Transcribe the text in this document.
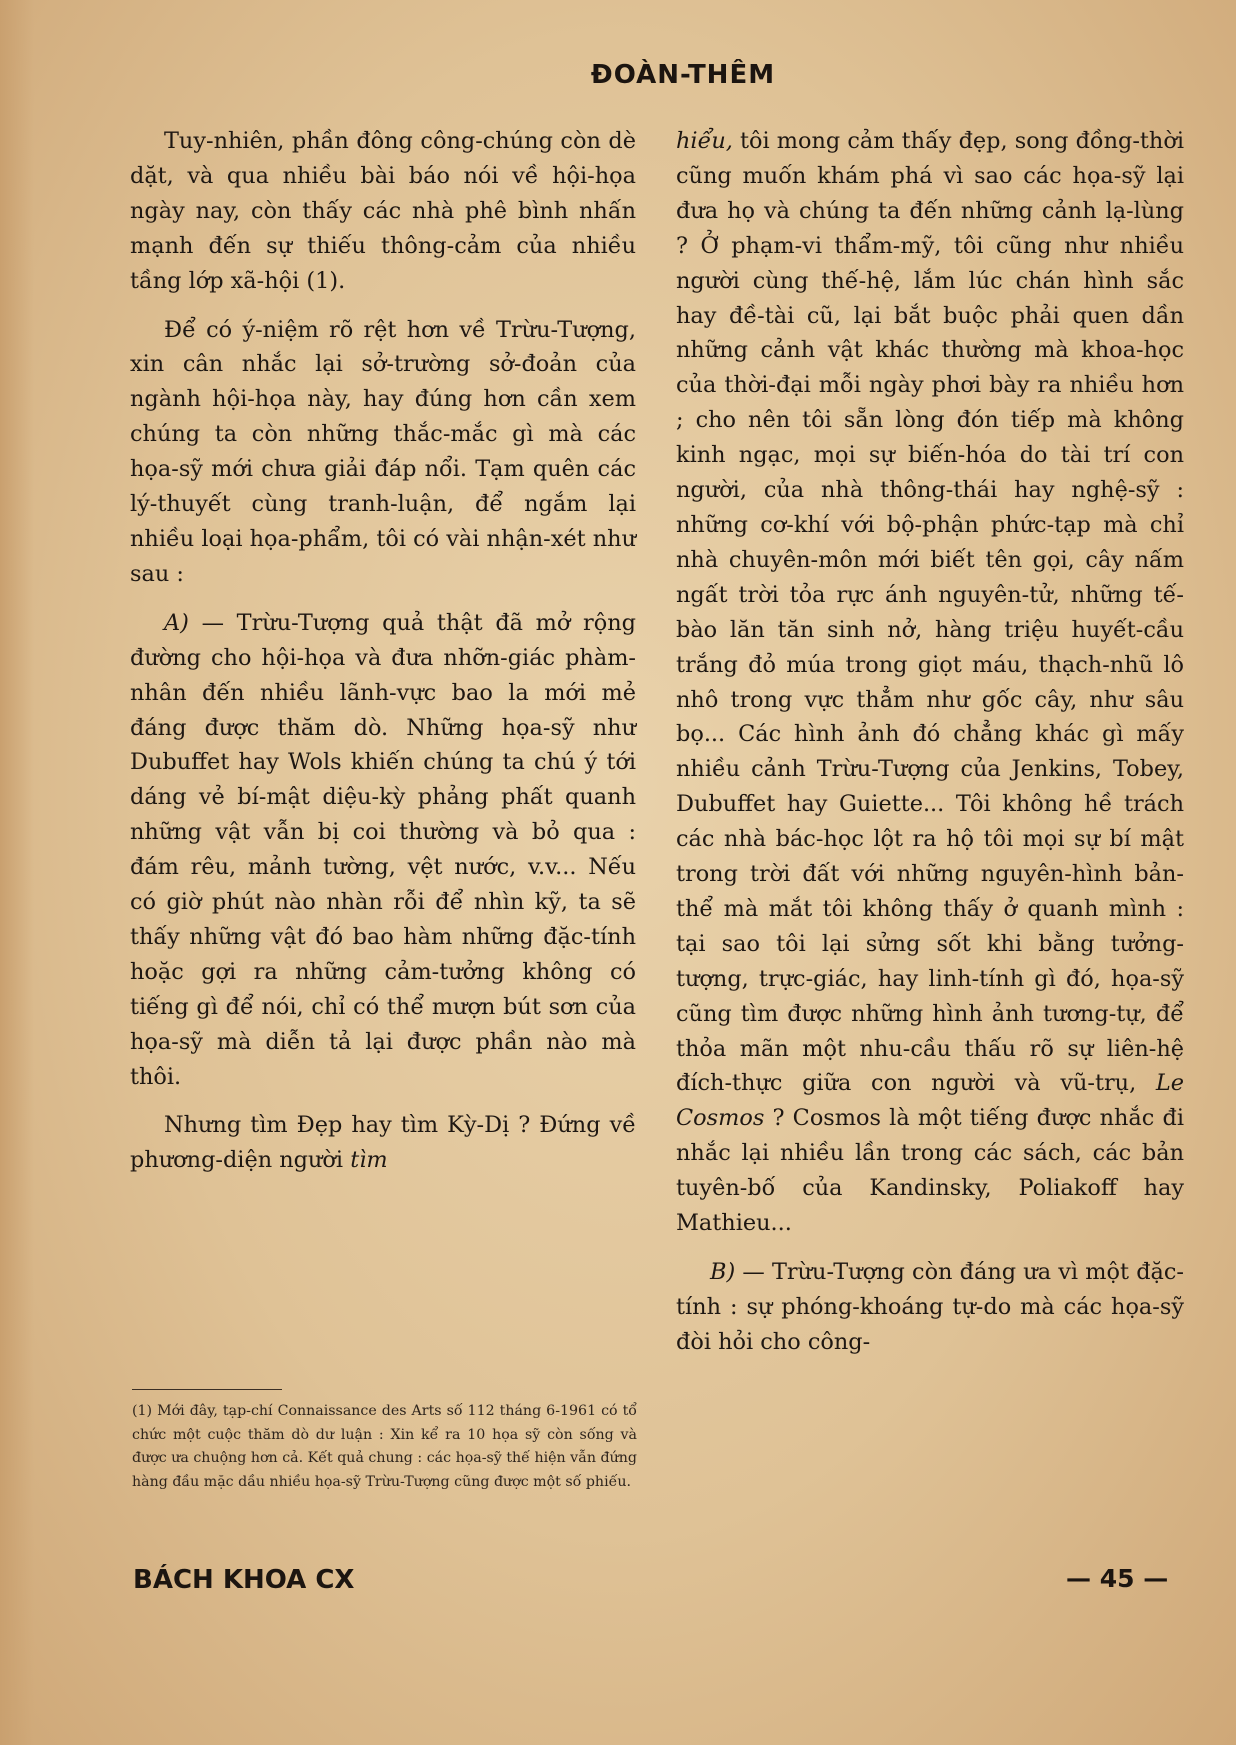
ĐOÀN-THÊM

Tuy-nhiên, phần đông công-chúng còn dè dặt, và qua nhiều bài báo nói về hội-họa ngày nay, còn thấy các nhà phê bình nhấn mạnh đến sự thiếu thông-cảm của nhiều tầng lớp xã-hội (1).

Để có ý-niệm rõ rệt hơn về Trừu-Tượng, xin cân nhắc lại sở-trường sở-đoản của ngành hội-họa này, hay đúng hơn cần xem chúng ta còn những thắc-mắc gì mà các họa-sỹ mới chưa giải đáp nổi. Tạm quên các lý-thuyết cùng tranh-luận, để ngắm lại nhiều loại họa-phẩm, tôi có vài nhận-xét như sau :

A) — Trừu-Tượng quả thật đã mở rộng đường cho hội-họa và đưa nhỡn-giác phàm-nhân đến nhiều lãnh-vực bao la mới mẻ đáng được thăm dò. Những họa-sỹ như Dubuffet hay Wols khiến chúng ta chú ý tới dáng vẻ bí-mật diệu-kỳ phảng phất quanh những vật vẫn bị coi thường và bỏ qua : đám rêu, mảnh tường, vệt nước, v.v... Nếu có giờ phút nào nhàn rỗi để nhìn kỹ, ta sẽ thấy những vật đó bao hàm những đặc-tính hoặc gợi ra những cảm-tưởng không có tiếng gì để nói, chỉ có thể mượn bút sơn của họa-sỹ mà diễn tả lại được phần nào mà thôi.

Nhưng tìm Đẹp hay tìm Kỳ-Dị ? Đứng về phương-diện người tìm

(1) Mới đây, tạp-chí Connaissance des Arts số 112 tháng 6-1961 có tổ chức một cuộc thăm dò dư luận : Xin kể ra 10 họa sỹ còn sống và được ưa chuộng hơn cả. Kết quả chung : các họa-sỹ thế hiện vẫn đứng hàng đầu mặc dầu nhiều họa-sỹ Trừu-Tượng cũng được một số phiếu.

hiểu, tôi mong cảm thấy đẹp, song đồng-thời cũng muốn khám phá vì sao các họa-sỹ lại đưa họ và chúng ta đến những cảnh lạ-lùng ? Ở phạm-vi thẩm-mỹ, tôi cũng như nhiều người cùng thế-hệ, lắm lúc chán hình sắc hay đề-tài cũ, lại bắt buộc phải quen dần những cảnh vật khác thường mà khoa-học của thời-đại mỗi ngày phơi bày ra nhiều hơn ; cho nên tôi sẵn lòng đón tiếp mà không kinh ngạc, mọi sự biến-hóa do tài trí con người, của nhà thông-thái hay nghệ-sỹ : những cơ-khí với bộ-phận phức-tạp mà chỉ nhà chuyên-môn mới biết tên gọi, cây nấm ngất trời tỏa rực ánh nguyên-tử, những tế-bào lăn tăn sinh nở, hàng triệu huyết-cầu trắng đỏ múa trong giọt máu, thạch-nhũ lô nhô trong vực thẳm như gốc cây, như sâu bọ... Các hình ảnh đó chẳng khác gì mấy nhiều cảnh Trừu-Tượng của Jenkins, Tobey, Dubuffet hay Guiette... Tôi không hề trách các nhà bác-học lột ra hộ tôi mọi sự bí mật trong trời đất với những nguyên-hình bản-thể mà mắt tôi không thấy ở quanh mình : tại sao tôi lại sửng sốt khi bằng tưởng-tượng, trực-giác, hay linh-tính gì đó, họa-sỹ cũng tìm được những hình ảnh tương-tự, để thỏa mãn một nhu-cầu thấu rõ sự liên-hệ đích-thực giữa con người và vũ-trụ, Le Cosmos ? Cosmos là một tiếng được nhắc đi nhắc lại nhiều lần trong các sách, các bản tuyên-bố của Kandinsky, Poliakoff hay Mathieu...

B) — Trừu-Tượng còn đáng ưa vì một đặc-tính : sự phóng-khoáng tự-do mà các họa-sỹ đòi hỏi cho công-

BÁCH KHOA CX	— 45 —
